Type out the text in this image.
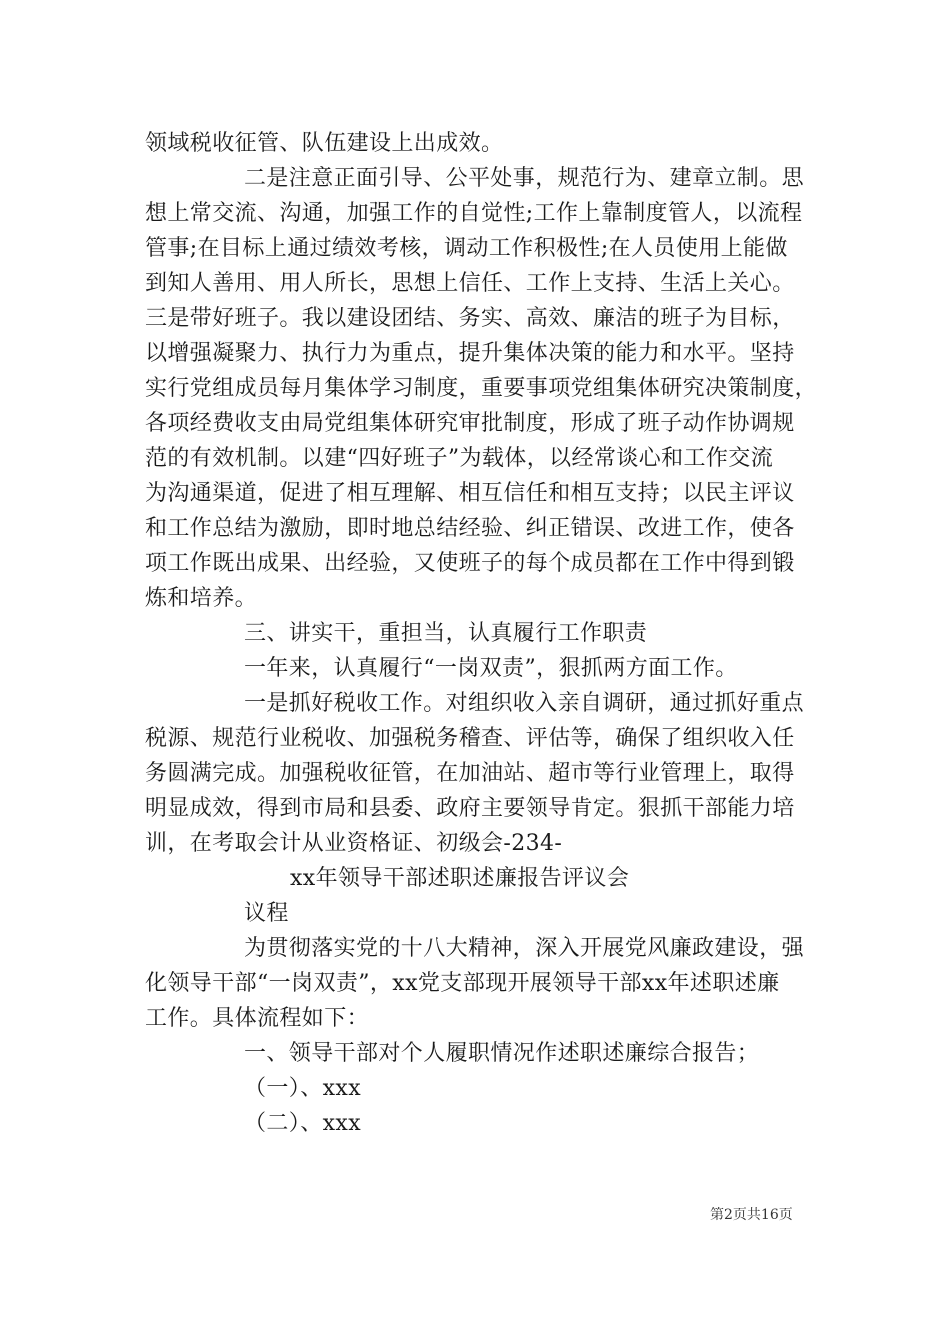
领域税收征管、队伍建设上出成效。
二是注意正面引导、公平处事，规范行为、建章立制。思
想上常交流、沟通，加强工作的自觉性;工作上靠制度管人，以流程
管事;在目标上通过绩效考核，调动工作积极性;在人员使用上能做
到知人善用、用人所长，思想上信任、工作上支持、生活上关心。
三是带好班子。我以建设团结、务实、高效、廉洁的班子为目标，
以增强凝聚力、执行力为重点，提升集体决策的能力和水平。坚持
实行党组成员每月集体学习制度，重要事项党组集体研究决策制度，
各项经费收支由局党组集体研究审批制度，形成了班子动作协调规
范的有效机制。以建“四好班子”为载体，以经常谈心和工作交流
为沟通渠道，促进了相互理解、相互信任和相互支持；以民主评议
和工作总结为激励，即时地总结经验、纠正错误、改进工作，使各
项工作既出成果、出经验，又使班子的每个成员都在工作中得到锻
炼和培养。
三、讲实干，重担当，认真履行工作职责
一年来，认真履行“一岗双责”，狠抓两方面工作。
一是抓好税收工作。对组织收入亲自调研，通过抓好重点
税源、规范行业税收、加强税务稽查、评估等，确保了组织收入任
务圆满完成。加强税收征管，在加油站、超市等行业管理上，取得
明显成效，得到市局和县委、政府主要领导肯定。狠抓干部能力培
训，在考取会计从业资格证、初级会-234-
xx年领导干部述职述廉报告评议会
议程
为贯彻落实党的十八大精神，深入开展党风廉政建设，强
化领导干部“一岗双责”，xx党支部现开展领导干部xx年述职述廉
工作。具体流程如下：
一、领导干部对个人履职情况作述职述廉综合报告；
（一）、xxx
（二）、xxx
第2页共16页
